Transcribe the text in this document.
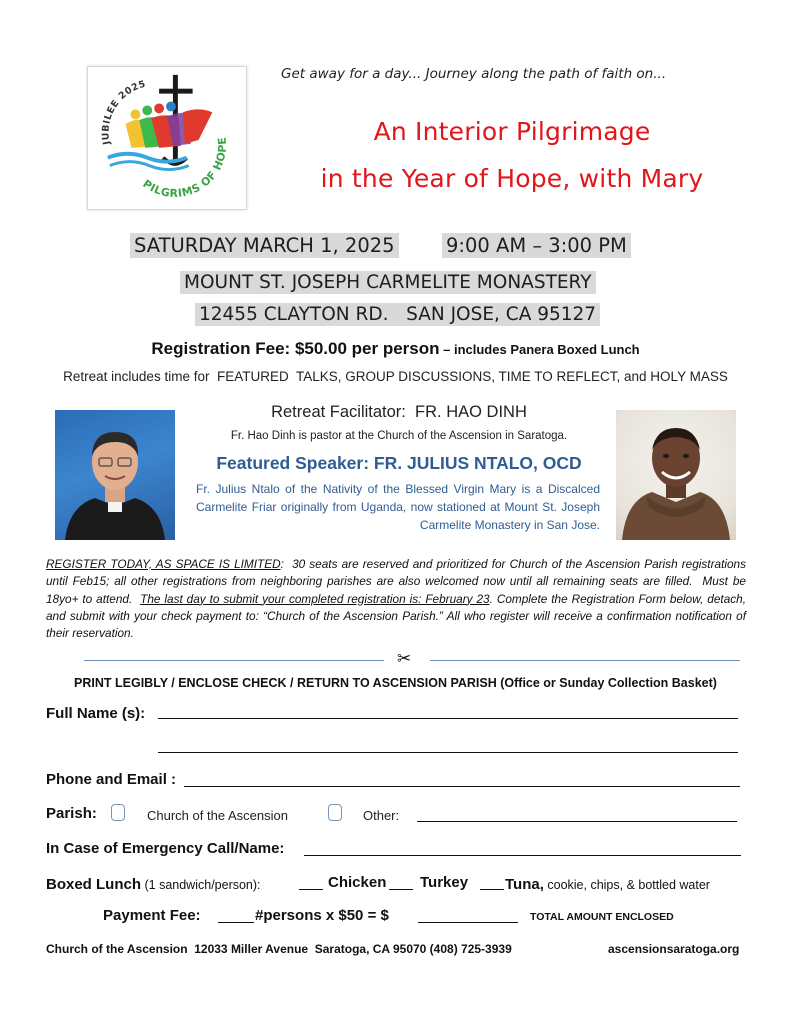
JUBILEE 2025
PILGRIMS OF HOPE
Get away for a day... Journey along the path of faith on...
An Interior Pilgrimage
in the Year of Hope, with Mary
SATURDAY MARCH 1, 2025	9:00 AM – 3:00 PM
MOUNT ST. JOSEPH CARMELITE MONASTERY
12455 CLAYTON RD.   SAN JOSE, CA 95127
Registration Fee: $50.00 per person – includes Panera Boxed Lunch
Retreat includes time for  FEATURED  TALKS, GROUP DISCUSSIONS, TIME TO REFLECT, and HOLY MASS
Retreat Facilitator:  FR. HAO DINH
Fr. Hao Dinh is pastor at the Church of the Ascension in Saratoga.
Featured Speaker: FR. JULIUS NTALO, OCD
Fr. Julius Ntalo of the Nativity of the Blessed Virgin Mary is a Discalced Carmelite Friar originally from Uganda, now stationed at Mount St. Joseph Carmelite Monastery in San Jose.
REGISTER TODAY, AS SPACE IS LIMITED:  30 seats are reserved and prioritized for Church of the Ascension Parish registrations until Feb15; all other registrations from neighboring parishes are also welcomed now until all remaining seats are filled.  Must be 18yo+ to attend.  The last day to submit your completed registration is: February 23. Complete the Registration Form below, detach, and submit with your check payment to: “Church of the Ascension Parish.” All who register will receive a confirmation notification of their reservation.
✂
PRINT LEGIBLY / ENCLOSE CHECK / RETURN TO ASCENSION PARISH (Office or Sunday Collection Basket)
Full Name (s):
Phone and Email :
Parish:	Church of the Ascension	Other:
In Case of Emergency Call/Name:
Boxed Lunch (1 sandwich/person):	Chicken Turkey Tuna, cookie, chips, & bottled water
Payment Fee:	#persons x $50 = $	TOTAL AMOUNT ENCLOSED
Church of the Ascension  12033 Miller Avenue  Saratoga, CA 95070 (408) 725-3939	ascensionsaratoga.org
